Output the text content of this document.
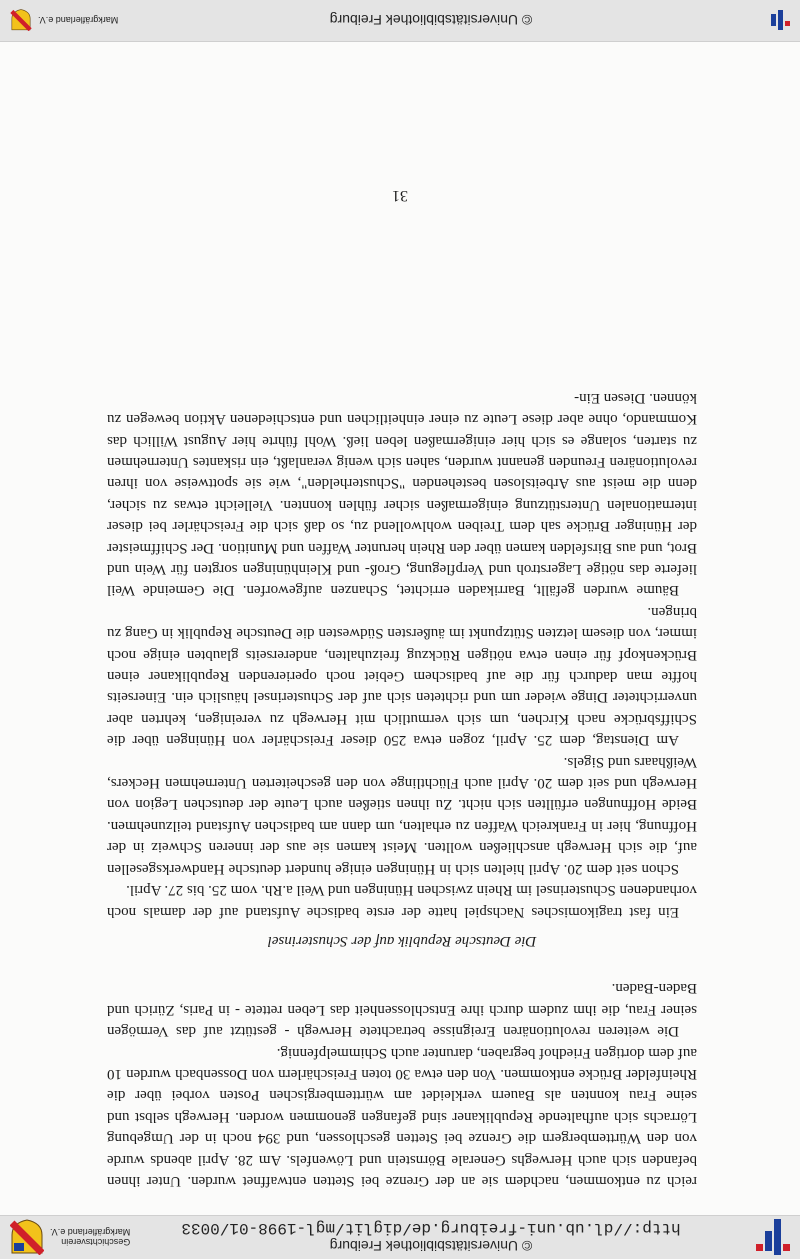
© Universitätsbibliothek Freiburg
http://dl.ub.uni-freiburg.de/diglit/mgl-1998-01/0033
Geschichtsverein
Markgräflerland e.V.

reich zu entkommen, nachdem sie an der Grenze bei Stetten entwaffnet wurden. Unter ihnen befanden sich auch Herweghs Generale Börnstein und Löwenfels. Am 28. April abends wurde von den Württembergern die Grenze bei Stetten geschlossen, und 394 noch in der Umgebung Lörrachs sich aufhaltende Republikaner sind gefangen genommen worden. Herwegh selbst und seine Frau konnten als Bauern verkleidet am württembergischen Posten vorbei über die Rheinfelder Brücke entkommen. Von den etwa 30 toten Freischärlern von Dossenbach wurden 10 auf dem dortigen Friedhof begraben, darunter auch Schimmelpfennig.

Die weiteren revolutionären Ereignisse betrachtete Herwegh - gestützt auf das Vermögen seiner Frau, die ihm zudem durch ihre Entschlossenheit das Leben rettete - in Paris, Zürich und Baden-Baden.

Die Deutsche Republik auf der Schusterinsel

Ein fast tragikomisches Nachspiel hatte der erste badische Aufstand auf der damals noch vorhandenen Schusterinsel im Rhein zwischen Hüningen und Weil a.Rh. vom 25. bis 27. April.

Schon seit dem 20. April hielten sich in Hüningen einige hundert deutsche Handwerksgesellen auf, die sich Herwegh anschließen wollten. Meist kamen sie aus der inneren Schweiz in der Hoffnung, hier in Frankreich Waffen zu erhalten, um dann am badischen Aufstand teilzunehmen. Beide Hoffnungen erfüllten sich nicht. Zu ihnen stießen auch Leute der deutschen Legion von Herwegh und seit dem 20. April auch Flüchtlinge von den gescheiterten Unternehmen Heckers, Weißhaars und Sigels.

Am Dienstag, dem 25. April, zogen etwa 250 dieser Freischärler von Hüningen über die Schiffsbrücke nach Kirchen, um sich vermutlich mit Herwegh zu vereinigen, kehrten aber unverrichteter Dinge wieder um und richteten sich auf der Schusterinsel häuslich ein. Einerseits hoffte man dadurch für die auf badischem Gebiet noch operierenden Republikaner einen Brückenkopf für einen etwa nötigen Rückzug freizuhalten, andererseits glaubten einige noch immer, von diesem letzten Stützpunkt im äußersten Südwesten die Deutsche Republik in Gang zu bringen.

Bäume wurden gefällt, Barrikaden errichtet, Schanzen aufgeworfen. Die Gemeinde Weil lieferte das nötige Lagerstroh und Verpflegung, Groß- und Kleinhüningen sorgten für Wein und Brot, und aus Birsfelden kamen über den Rhein herunter Waffen und Munition. Der Schiffmeister der Hüninger Brücke sah dem Treiben wohlwollend zu, so daß sich die Freischärler bei dieser internationalen Unterstützung einigermaßen sicher fühlen konnten. Vielleicht etwas zu sicher, denn die meist aus Arbeitslosen bestehenden "Schusterhelden", wie sie spottweise von ihren revolutionären Freunden genannt wurden, sahen sich wenig veranlaßt, ein riskantes Unternehmen zu starten, solange es sich hier einigermaßen leben ließ. Wohl führte hier August Willich das Kommando, ohne aber diese Leute zu einer einheitlichen und entschiedenen Aktion bewegen zu können. Diesen Ein-

31
© Universitätsbibliothek Freiburg
Markgräflerland e.V.
